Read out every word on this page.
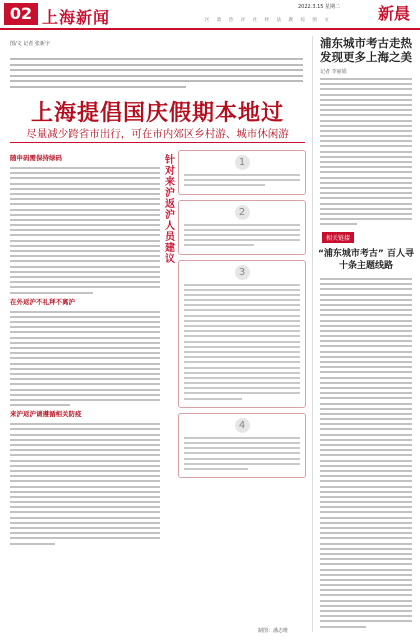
02 上海新闻
2022.3.15 星期二
区 政 热 评 社 经 法 教 综 图 文	新晨
图/文 记者 张新宇
上海提倡国庆假期本地过
尽量减少跨省市出行，可在市内郊区乡村游、城市休闲游
随申码需保持绿码
在外返沪不礼拜不离沪
来沪返沪请遵循相关防疫
针对来沪返沪人员建议
1
2
3
4
制图：潘志维
浦东城市考古走热 发现更多上海之美
记者 李丽娟
相关链接
“浦东城市考古” 百人寻 十条主题线路
